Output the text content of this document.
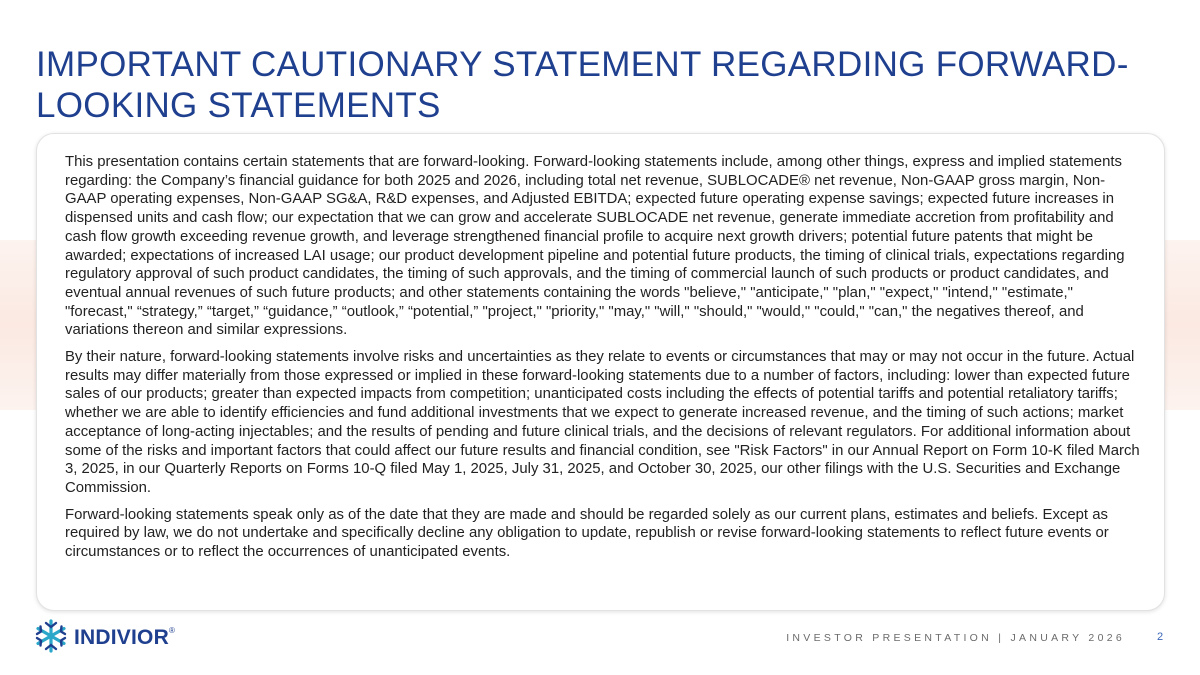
IMPORTANT CAUTIONARY STATEMENT REGARDING FORWARD-LOOKING STATEMENTS

This presentation contains certain statements that are forward-looking. Forward-looking statements include, among other things, express and implied statements regarding: the Company’s financial guidance for both 2025 and 2026, including total net revenue, SUBLOCADE® net revenue, Non-GAAP gross margin, Non-GAAP operating expenses, Non-GAAP SG&A, R&D expenses, and Adjusted EBITDA; expected future operating expense savings; expected future increases in dispensed units and cash flow; our expectation that we can grow and accelerate SUBLOCADE net revenue, generate immediate accretion from profitability and cash flow growth exceeding revenue growth, and leverage strengthened financial profile to acquire next growth drivers; potential future patents that might be awarded; expectations of increased LAI usage; our product development pipeline and potential future products, the timing of clinical trials, expectations regarding regulatory approval of such product candidates, the timing of such approvals, and the timing of commercial launch of such products or product candidates, and eventual annual revenues of such future products; and other statements containing the words "believe," "anticipate," "plan," "expect," "intend," "estimate," "forecast," “strategy,” “target,” “guidance,” “outlook,” “potential,” "project," "priority," "may," "will," "should," "would," "could," "can," the negatives thereof, and variations thereon and similar expressions.

By their nature, forward-looking statements involve risks and uncertainties as they relate to events or circumstances that may or may not occur in the future. Actual results may differ materially from those expressed or implied in these forward-looking statements due to a number of factors, including: lower than expected future sales of our products; greater than expected impacts from competition; unanticipated costs including the effects of potential tariffs and potential retaliatory tariffs; whether we are able to identify efficiencies and fund additional investments that we expect to generate increased revenue, and the timing of such actions; market acceptance of long-acting injectables; and the results of pending and future clinical trials, and the decisions of relevant regulators. For additional information about some of the risks and important factors that could affect our future results and financial condition, see "Risk Factors" in our Annual Report on Form 10-K filed March 3, 2025, in our Quarterly Reports on Forms 10-Q filed May 1, 2025, July 31, 2025, and October 30, 2025, our other filings with the U.S. Securities and Exchange Commission.

Forward-looking statements speak only as of the date that they are made and should be regarded solely as our current plans, estimates and beliefs. Except as required by law, we do not undertake and specifically decline any obligation to update, republish or revise forward-looking statements to reflect future events or circumstances or to reflect the occurrences of unanticipated events.

INDIVIOR®
INVESTOR PRESENTATION | JANUARY 2026	2
